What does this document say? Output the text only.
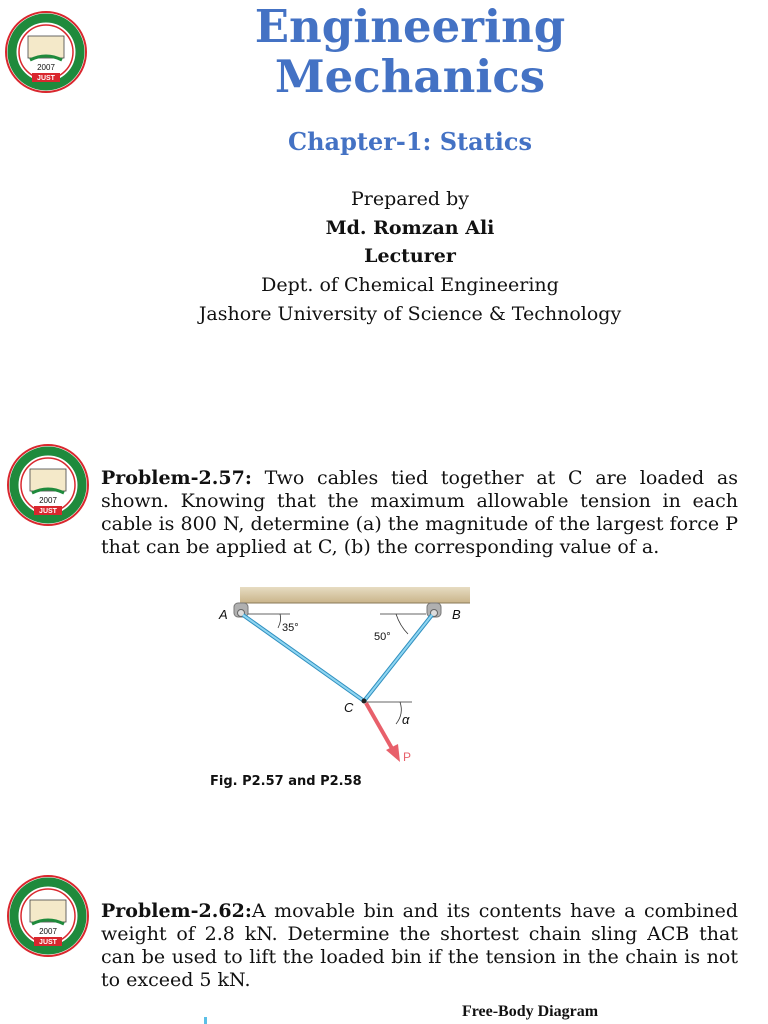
2007
JUST
Engineering
Mechanics
Chapter-1: Statics
Prepared by
Md. Romzan Ali
Lecturer
Dept. of Chemical Engineering
Jashore University of Science & Technology
2007
JUST
Problem-2.57: Two cables tied together at C are loaded as shown. Knowing that the maximum allowable tension in each cable is 800 N, determine (a) the magnitude of the largest force P that can be applied at C, (b) the corresponding value of a.
A	B
C
P
α
35°
50°
Fig. P2.57 and P2.58
2007
JUST
Problem-2.62:A movable bin and its contents have a combined weight of 2.8 kN. Determine the shortest chain sling ACB that can be used to lift the loaded bin if the tension in the chain is not to exceed 5 kN.
Free-Body Diagram
